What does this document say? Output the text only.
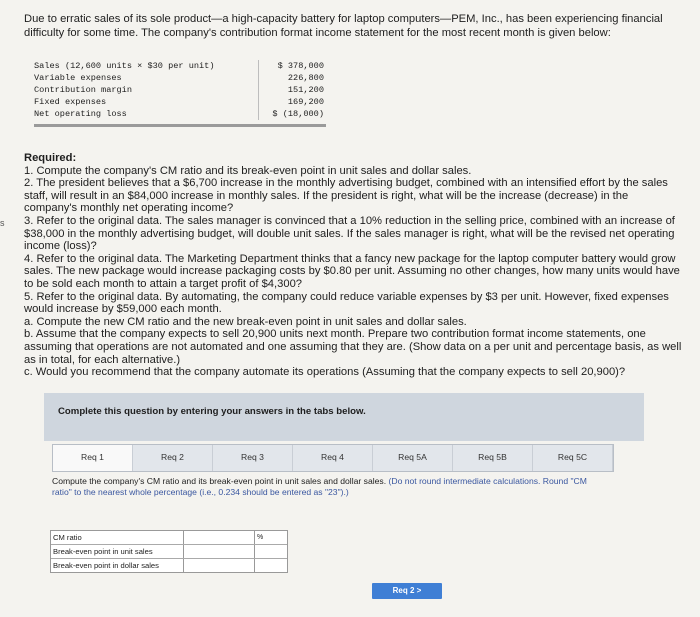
Due to erratic sales of its sole product—a high-capacity battery for laptop computers—PEM, Inc., has been experiencing financial difficulty for some time. The company's contribution format income statement for the most recent month is given below:
Sales (12,600 units × $30 per unit)	$ 378,000
Variable expenses	226,800
Contribution margin	151,200
Fixed expenses	169,200
Net operating loss	$ (18,000)
s
Required:
1. Compute the company's CM ratio and its break-even point in unit sales and dollar sales.
2. The president believes that a $6,700 increase in the monthly advertising budget, combined with an intensified effort by the sales staff, will result in an $84,000 increase in monthly sales. If the president is right, what will be the increase (decrease) in the company's monthly net operating income?
3. Refer to the original data. The sales manager is convinced that a 10% reduction in the selling price, combined with an increase of $38,000 in the monthly advertising budget, will double unit sales. If the sales manager is right, what will be the revised net operating income (loss)?
4. Refer to the original data. The Marketing Department thinks that a fancy new package for the laptop computer battery would grow sales. The new package would increase packaging costs by $0.80 per unit. Assuming no other changes, how many units would have to be sold each month to attain a target profit of $4,300?
5. Refer to the original data. By automating, the company could reduce variable expenses by $3 per unit. However, fixed expenses would increase by $59,000 each month.
a. Compute the new CM ratio and the new break-even point in unit sales and dollar sales.
b. Assume that the company expects to sell 20,900 units next month. Prepare two contribution format income statements, one assuming that operations are not automated and one assuming that they are. (Show data on a per unit and percentage basis, as well as in total, for each alternative.)
c. Would you recommend that the company automate its operations (Assuming that the company expects to sell 20,900)?
Complete this question by entering your answers in the tabs below.
Req 1	Req 2	Req 3	Req 4	Req 5A	Req 5B	Req 5C
Compute the company's CM ratio and its break-even point in unit sales and dollar sales. (Do not round intermediate calculations. Round "CM ratio" to the nearest whole percentage (i.e., 0.234 should be entered as "23").)
CM ratio	%
Break-even point in unit sales
Break-even point in dollar sales
Req 2 >
